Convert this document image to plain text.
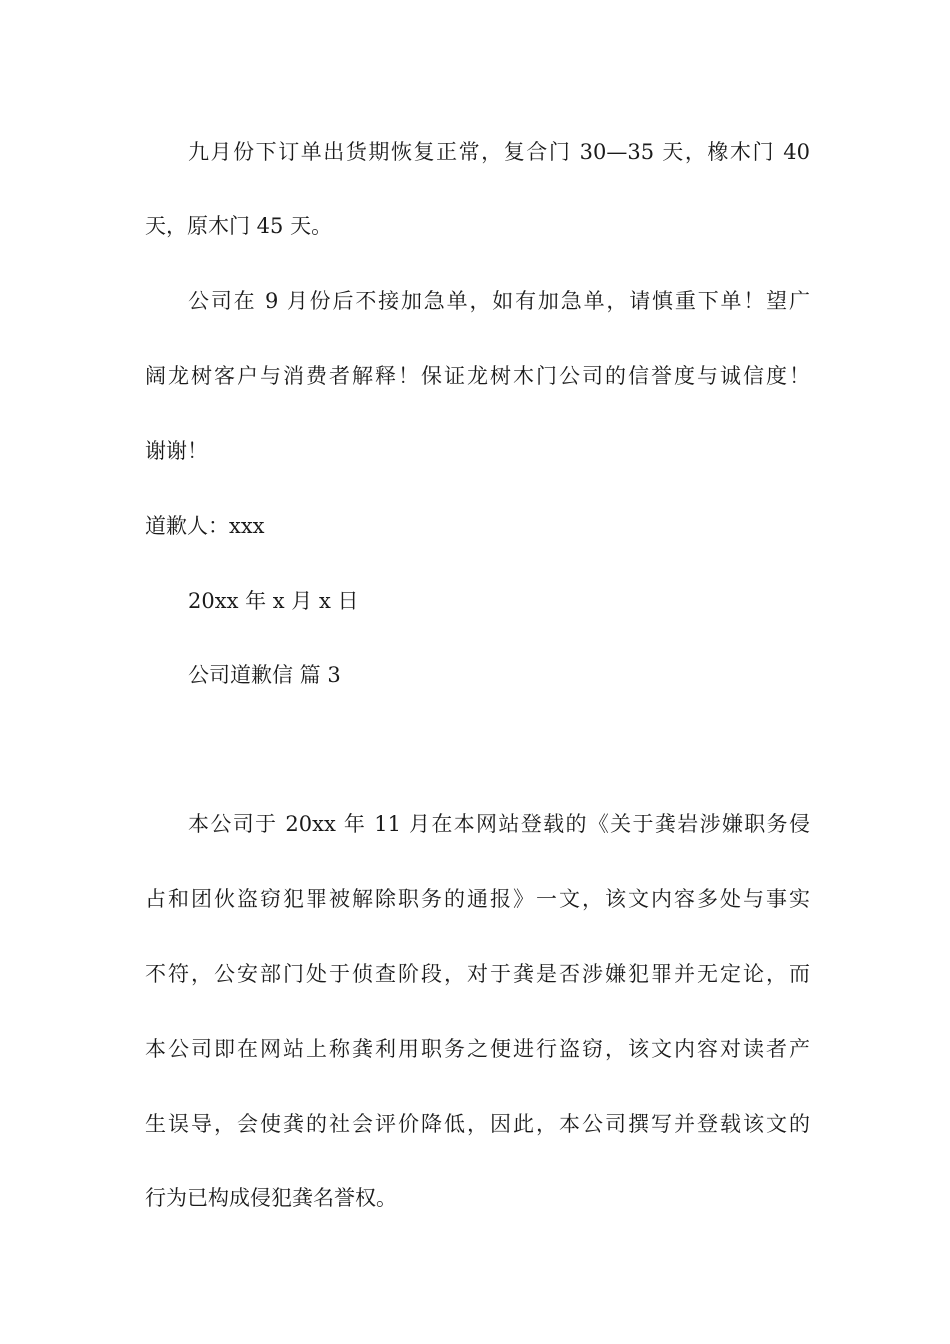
九月份下订单出货期恢复正常，复合门 30—35 天，橡木门 40
天，原木门 45 天。
公司在 9 月份后不接加急单，如有加急单，请慎重下单！望广
阔龙树客户与消费者解释！保证龙树木门公司的信誉度与诚信度！
谢谢！
道歉人：xxx
20xx 年 x 月 x 日
公司道歉信 篇 3
本公司于 20xx 年 11 月在本网站登载的《关于龚岩涉嫌职务侵
占和团伙盗窃犯罪被解除职务的通报》一文，该文内容多处与事实
不符，公安部门处于侦查阶段，对于龚是否涉嫌犯罪并无定论，而
本公司即在网站上称龚利用职务之便进行盗窃，该文内容对读者产
生误导，会使龚的社会评价降低，因此，本公司撰写并登载该文的
行为已构成侵犯龚名誉权。
